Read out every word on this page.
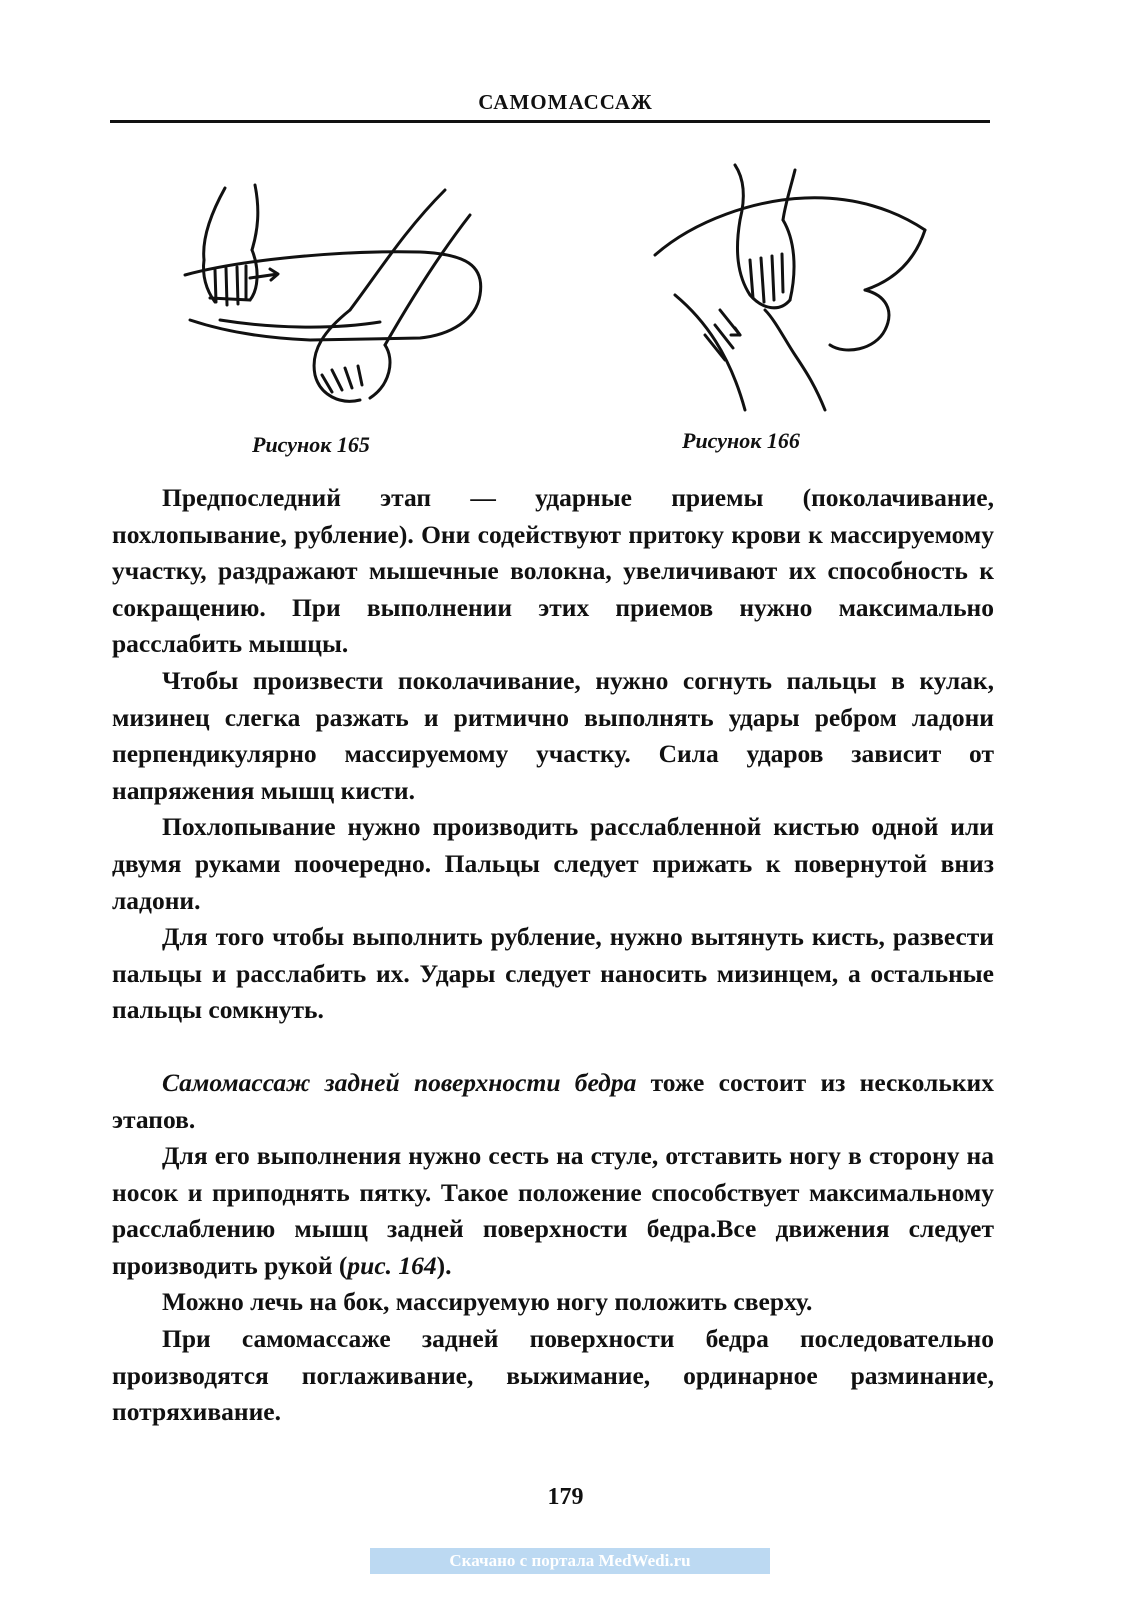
САМОМАССАЖ
Рисунок 165	Рисунок 166

Предпоследний этап — ударные приемы (поколачивание, похлопывание, рубление). Они содействуют притоку крови к массируемому участку, раздражают мышечные волокна, увеличивают их способность к сокращению. При выполнении этих приемов нужно максимально расслабить мышцы.

Чтобы произвести поколачивание, нужно согнуть пальцы в кулак, мизинец слегка разжать и ритмично выполнять удары ребром ладони перпендикулярно массируемому участку. Сила ударов зависит от напряжения мышц кисти.

Похлопывание нужно производить расслабленной кистью одной или двумя руками поочередно. Пальцы следует прижать к повернутой вниз ладони.

Для того чтобы выполнить рубление, нужно вытянуть кисть, развести пальцы и расслабить их. Удары следует наносить мизинцем, а остальные пальцы сомкнуть.

Самомассаж задней поверхности бедра тоже состоит из нескольких этапов.

Для его выполнения нужно сесть на стуле, отставить ногу в сторону на носок и приподнять пятку. Такое положение способствует максимальному расслаблению мышц задней поверхности бедра.Все движения следует производить рукой (рис. 164).

Можно лечь на бок, массируемую ногу положить сверху.

При самомассаже задней поверхности бедра последовательно производятся поглаживание, выжимание, ординарное разминание, потряхивание.

179
Скачано с портала MedWedi.ru
